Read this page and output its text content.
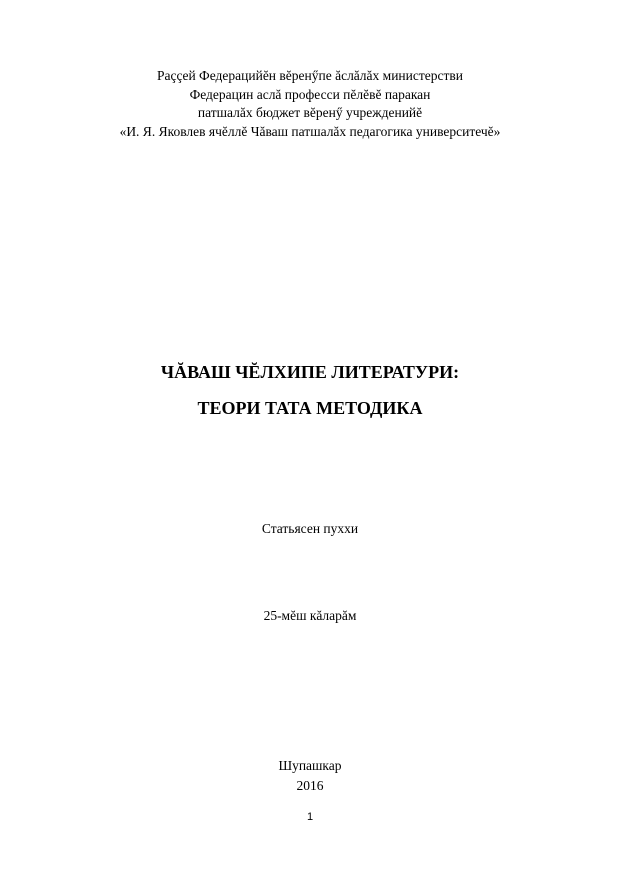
Раççей Федерацийĕн вĕренӳпе ăслăлăх министерстви
Федерацин аслă професси пĕлĕвĕ паракан
патшалăх бюджет вĕренӳ учрежденийĕ
«И. Я. Яковлев ячĕллĕ Чăваш патшалăх педагогика университечĕ»
ЧĂВАШ ЧĔЛХИПЕ ЛИТЕРАТУРИ:
ТЕОРИ ТАТА МЕТОДИКА
Статьясен пуххи
25-мĕш кăларăм
Шупашкар
2016
1
